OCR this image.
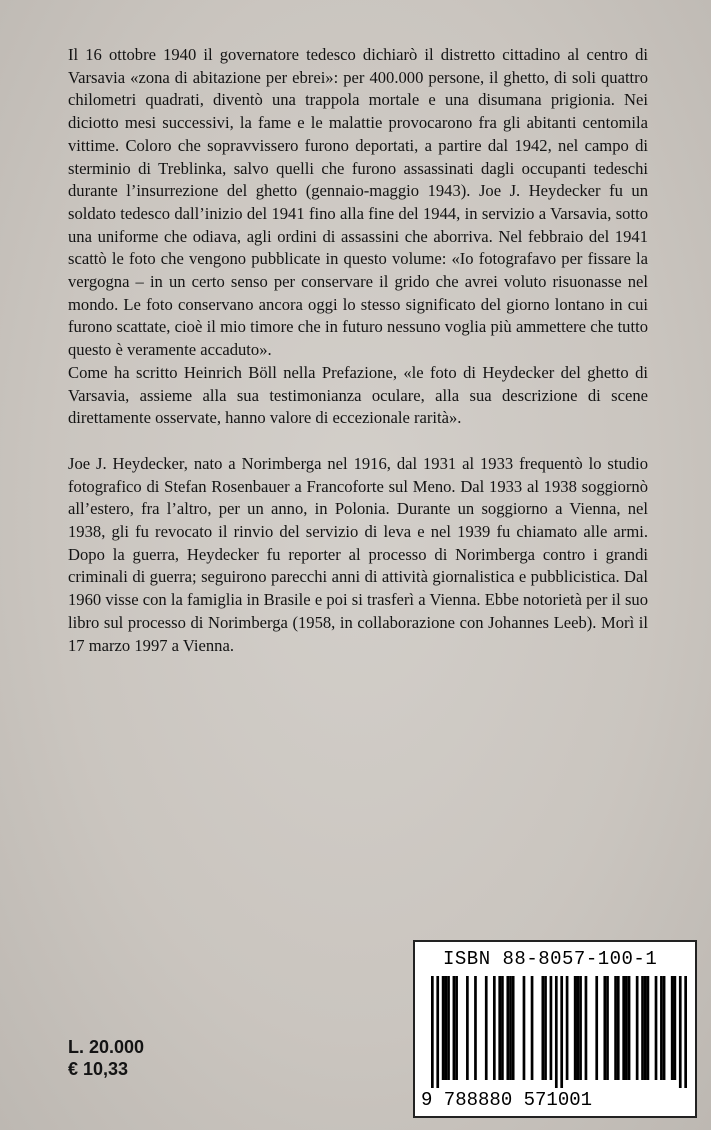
Il 16 ottobre 1940 il governatore tedesco dichiarò il distretto cittadino al centro di Varsavia «zona di abitazione per ebrei»: per 400.000 persone, il ghetto, di soli quattro chilometri quadrati, diventò una trappola mortale e una disumana prigionia. Nei diciotto mesi successivi, la fame e le malattie provocarono fra gli abitanti centomila vittime. Coloro che sopravvissero furono deportati, a partire dal 1942, nel campo di sterminio di Treblinka, salvo quelli che furono assassinati dagli occupanti tedeschi durante l’insurrezione del ghetto (gennaio-maggio 1943). Joe J. Heydecker fu un soldato tedesco dall’inizio del 1941 fino alla fine del 1944, in servizio a Varsavia, sotto una uniforme che odiava, agli ordini di assassini che aborriva. Nel febbraio del 1941 scattò le foto che vengono pubblicate in questo volume: «Io fotografavo per fissare la vergogna – in un certo senso per conservare il grido che avrei voluto risuonasse nel mondo. Le foto conservano ancora oggi lo stesso significato del giorno lontano in cui furono scattate, cioè il mio timore che in futuro nessuno voglia più ammettere che tutto questo è veramente accaduto».

Come ha scritto Heinrich Böll nella Prefazione, «le foto di Heydecker del ghetto di Varsavia, assieme alla sua testimonianza oculare, alla sua descrizione di scene direttamente osservate, hanno valore di eccezionale rarità».

Joe J. Heydecker, nato a Norimberga nel 1916, dal 1931 al 1933 frequentò lo studio fotografico di Stefan Rosenbauer a Francoforte sul Meno. Dal 1933 al 1938 soggiornò all’estero, fra l’altro, per un anno, in Polonia. Durante un soggiorno a Vienna, nel 1938, gli fu revocato il rinvio del servizio di leva e nel 1939 fu chiamato alle armi. Dopo la guerra, Heydecker fu reporter al processo di Norimberga contro i grandi criminali di guerra; seguirono parecchi anni di attività giornalistica e pubblicistica. Dal 1960 visse con la famiglia in Brasile e poi si trasferì a Vienna. Ebbe notorietà per il suo libro sul processo di Norimberga (1958, in collaborazione con Johannes Leeb). Morì il 17 marzo 1997 a Vienna.

L. 20.000
€ 10,33
ISBN 88-8057-100-1
9 788880 571001
